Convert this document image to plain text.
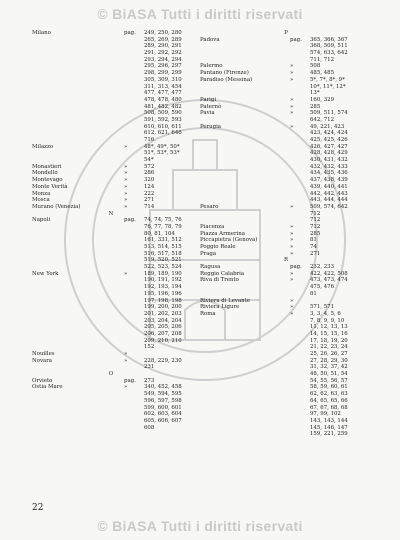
© BiASA Tutti i diritti riservati
Milano	pag. 249, 250, 280
265, 269, 289
289, 290, 291
291, 292, 292
293, 294, 294
295, 296, 297
298, 299, 299
305, 309, 310
311, 313, 454
477, 477, 477
478, 478, 480
481, 482, 482
508, 509, 590
591, 592, 593
610, 610, 611
612, 621, 646
716
Milazzo	»	48*, 49*, 50*
51*, 53*, 53*
54*
Monastieri	»	572
Mondello	»	286
Montevago	»	320
Monte Verità	»	124
Monza	»	222
Mosca	»	271
Murano (Venezia)	»	714
N
Napoli	pag. 74, 74, 75, 76
76, 77, 78, 79
80, 81, 104
161, 331, 512
513, 514, 515
516, 517, 518
519, 520, 521
522, 523, 524
New York	»	189, 189, 190
190, 191, 192
192, 193, 194
195, 196, 196
197, 198, 198
199, 200, 200
201, 202, 203
203, 204, 204
205, 205, 206
206, 207, 208
209, 210, 210
152
Nouilles	»
Novara	»	228, 229, 230
231
O
Orvieto	pag. 273
Ostia Mare	»	340, 452, 458
549, 594, 595
596, 597, 598
599, 600, 601
602, 603, 604
605, 606, 607
608
P
Padova	pag. 365, 366, 367
368, 509, 511
574, 633, 642
711, 712
Palermo	»	508
Pantano (Firenze)	»	485, 485
Paradiso (Messina)	»	5*, 7*, 8*, 9*
10*, 11*, 12*
13*
Parigi	»	160, 329
Paternò	»	285
Pavia	»	509, 511, 574
642, 712
Perugia	»	49, 221, 423
423, 424, 424
425, 425, 426
426, 427, 427
428, 428, 429
430, 431, 432
432, 432, 433
434, 435, 436
437, 438, 439
439, 440, 441
442, 442, 443
443, 444, 444
Pesaro	»	509, 574, 642
712
712
Piacenza	»	712
Piazza Armerina	»	285
Piccapietra (Genova)	»	81
Poggio Reale	»	74
Praga	»	271
R
Ragusa	pag. 232, 233
Reggio Calabria	»	422, 422, 508
Riva di Trento	»	473, 473, 474
475, 476
81
Riviera di Levante	»
Riviera Ligure	»	571, 571
Roma	»	3, 3, 4, 5, 6
7, 8, 9, 9, 10
11, 12, 13, 13
14, 15, 15, 16
17, 18, 19, 20
21, 22, 23, 24
25, 26, 26, 27
27, 28, 29, 30
31, 32, 37, 42
48, 50, 51, 54
54, 55, 56, 57
58, 59, 60, 61
62, 62, 63, 63
64, 65, 65, 66
67, 67, 68, 68
97, 99, 102
143, 143, 144
145, 146, 147
159, 221, 259
22
© BiASA Tutti i diritti riservati
